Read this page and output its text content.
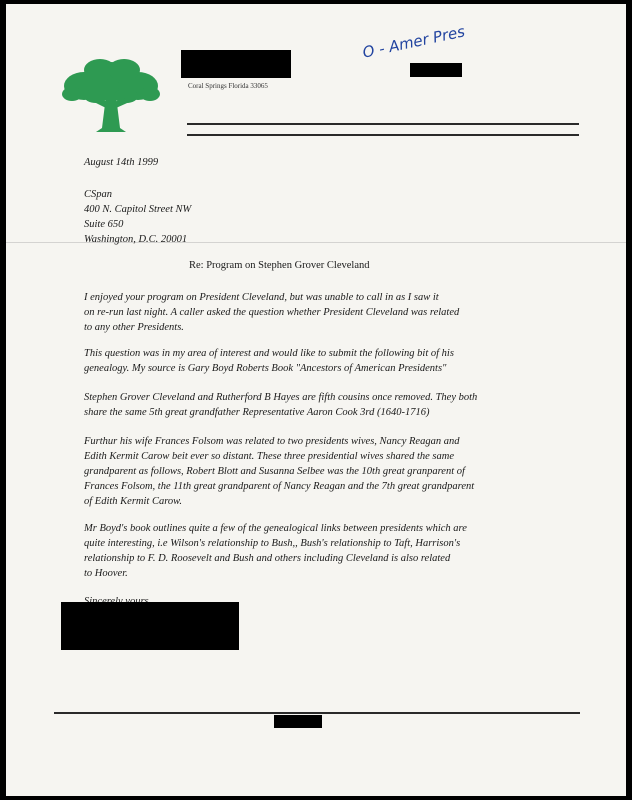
Coral Springs Florida 33065
O - Amer Pres
August 14th 1999
CSpan
400 N. Capitol Street NW
Suite 650
Washington, D.C. 20001
Re: Program on Stephen Grover Cleveland
I enjoyed your program on President Cleveland, but was unable to call in as I saw it
on re-run last night. A caller asked the question whether President Cleveland was related
to any other Presidents.
This question was in my area of interest and would like to submit the following bit of his
genealogy. My source is Gary Boyd Roberts Book "Ancestors of American Presidents"
Stephen Grover Cleveland and Rutherford B Hayes are fifth cousins once removed. They both
share the same 5th great grandfather Representative Aaron Cook 3rd (1640-1716)
Furthur his wife Frances Folsom was related to two presidents wives, Nancy Reagan and
Edith Kermit Carow beit ever so distant. These three presidential wives shared the same
grandparent as follows, Robert Blott and Susanna Selbee was the 10th great granparent of
Frances Folsom, the 11th great grandparent of Nancy Reagan and the 7th great grandparent
of Edith Kermit Carow.
Mr Boyd's book outlines quite a few of the genealogical links between presidents which are
quite interesting, i.e Wilson's relationship to Bush,, Bush's relationship to Taft, Harrison's
relationship to F. D. Roosevelt and Bush and others including Cleveland is also related
to Hoover.
